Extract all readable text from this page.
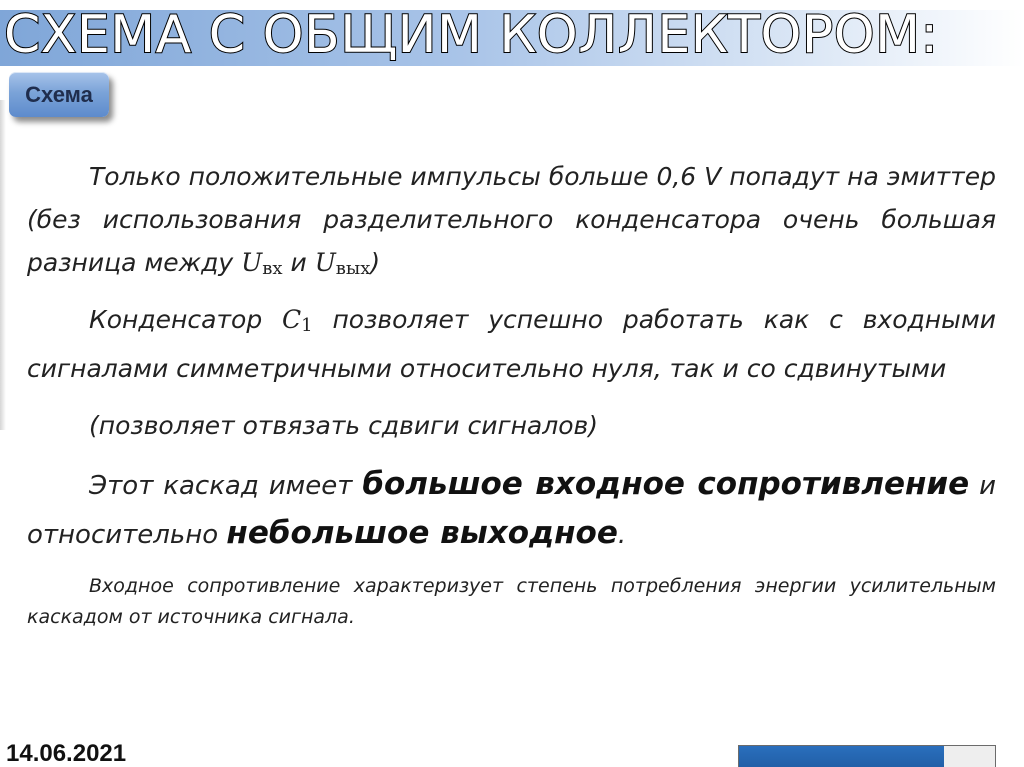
СХЕМА С ОБЩИМ КОЛЛЕКТОРОМ:
Схема

Только положительные импульсы больше 0,6 V попадут на эмиттер (без использования разделительного конденсатора очень большая разница между Uвх и Uвых)

Конденсатор C1 позволяет успешно работать как с входными сигналами симметричными относительно нуля, так и со сдвинутыми

(позволяет отвязать сдвиги сигналов)

Этот каскад имеет большое входное сопротивление и относительно небольшое выходное.

Входное сопротивление характеризует степень потребления энергии усилительным каскадом от источника сигнала.

14.06.2021
